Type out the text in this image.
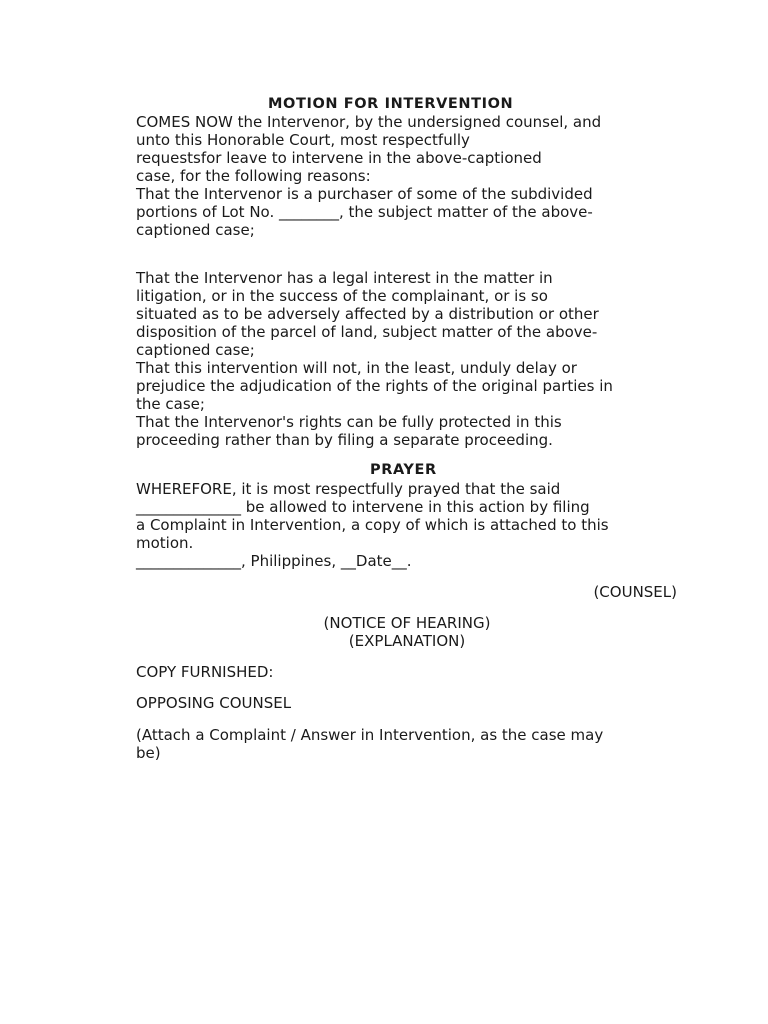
MOTION FOR INTERVENTION

COMES NOW the Intervenor, by the undersigned counsel, and

unto this Honorable Court, most respectfully

requestsfor leave to intervene in the above-captioned

case, for the following reasons:

That the Intervenor is a purchaser of some of the subdivided

portions of Lot No. ________, the subject matter of the above-

captioned case;

That the Intervenor has a legal interest in the matter in

litigation, or in the success of the complainant, or is so

situated as to be adversely affected by a distribution or other

disposition of the parcel of land, subject matter of the above-

captioned case;

That this intervention will not, in the least, unduly delay or

prejudice the adjudication of the rights of the original parties in

the case;

That the Intervenor's rights can be fully protected in this

proceeding rather than by filing a separate proceeding.

PRAYER

WHEREFORE, it is most respectfully prayed that the said

______________ be allowed to intervene in this action by filing

a Complaint in Intervention, a copy of which is attached to this

motion.

______________, Philippines, __Date__.

(COUNSEL)

(NOTICE OF HEARING)

(EXPLANATION)

COPY FURNISHED:

OPPOSING COUNSEL

(Attach a Complaint / Answer in Intervention, as the case may

be)
